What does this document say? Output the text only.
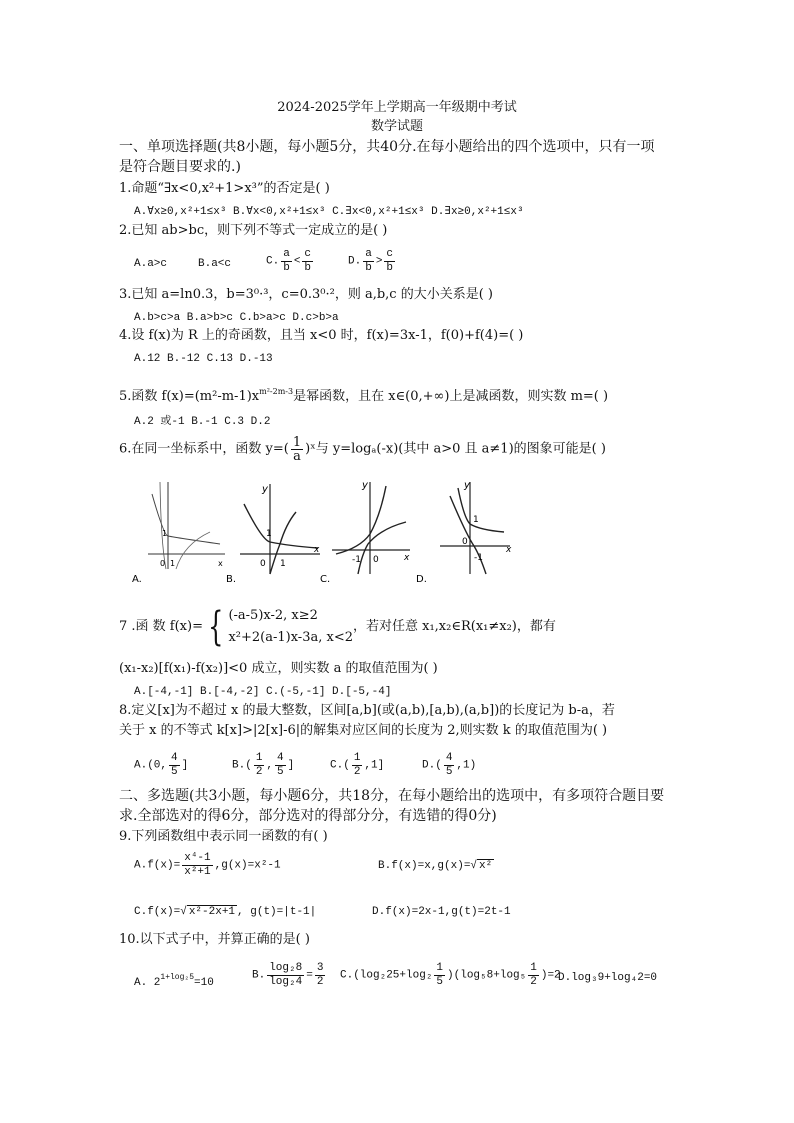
2024-2025学年上学期高一年级期中考试
数学试题
一、单项选择题(共8小题，每小题5分，共40分.在每小题给出的四个选项中，只有一项
是符合题目要求的.)
1.命题“∃x<0,x²+1>x³”的否定是( )
A.∀x≥0,x²+1≤x³ B.∀x<0,x²+1≤x³ C.∃x<0,x²+1≤x³ D.∃x≥0,x²+1≤x³
2.已知 ab>bc，则下列不等式一定成立的是( )
A.a>c	B.a<c	C. $\frac{a}{b} < \frac{c}{b}$	D. $\frac{a}{b} > \frac{c}{b}$
3.已知 a=ln0.3，b=3⁰·³，c=0.3⁰·²，则 a,b,c 的大小关系是( )
A.b>c>a B.a>b>c C.b>a>c D.c>b>a
4.设 f(x)为 R 上的奇函数，且当 x<0 时，f(x)=3x-1，f(0)+f(4)=( )
A.12 B.-12 C.13 D.-13
5.函数 $f(x)=(m^2-m-1)x^{m^2-2m-3}$是幂函数，且在 x∈(0,+∞)上是减函数，则实数 m=( )
A.2 或-1 B.-1 C.3 D.2
6.在同一坐标系中，函数 $y=( \frac{1}{a}$ )ˣ与 y=logₐ(-x)(其中 a>0 且 a≠1)的图象可能是( )
1
0 1	x
A.
y
1
0 1
x
B.
y
-1 0	x
C.
y
1
0
-1
x
D.
7 .函 数 f(x)= { (-a-5)x-2, x≥2
x²+2(a-1)x-3a, x<2
，若对任意 x₁,x₂∈R(x₁≠x₂)，都有
(x₁-x₂)[f(x₁)-f(x₂)]<0 成立，则实数 a 的取值范围为( )
A.[-4,-1] B.[-4,-2] C.(-5,-1] D.[-5,-4]
8.定义[x]为不超过 x 的最大整数，区间[a,b](或(a,b),[a,b),(a,b])的长度记为 b-a，若
关于 x 的不等式 k[x]>|2[x]-6|的解集对应区间的长度为 2,则实数 k 的取值范围为( )
A.(0, $\frac{4}{5}$ ]	$B.( \frac{1}{2}$ , $\frac{4}{5}$ ]	$C.( \frac{1}{2} ,1]$	$D.( \frac{4}{5} ,1)$
二、多选题(共3小题，每小题6分，共18分，在每小题给出的选项中，有多项符合题目要
求.全部选对的得6分，部分选对的得部分分，有选错的得0分)
9.下列函数组中表示同一函数的有( )
$A.f(x)= \frac{\text{x⁴-1}}{\text{x²+1}} ,g(x)=x^2-1$	B.f(x)=x,g(x)=√ x²
C.f(x)=√ x²-2x+1 , g(t)=|t-1|	D.f(x)=2x-1,g(t)=2t-1
10.以下式子中，并算正确的是( )
A. $2^{1+log_25}=10$
B. $\frac{\text{log₂8}}{\text{log₂4}} = \frac{3}{2} C.(\log_225+\log_2 \frac{1}{5} )(\log_58+\log_5 \frac{1}{2} )=2$
D.log₃9+log₄2=0
